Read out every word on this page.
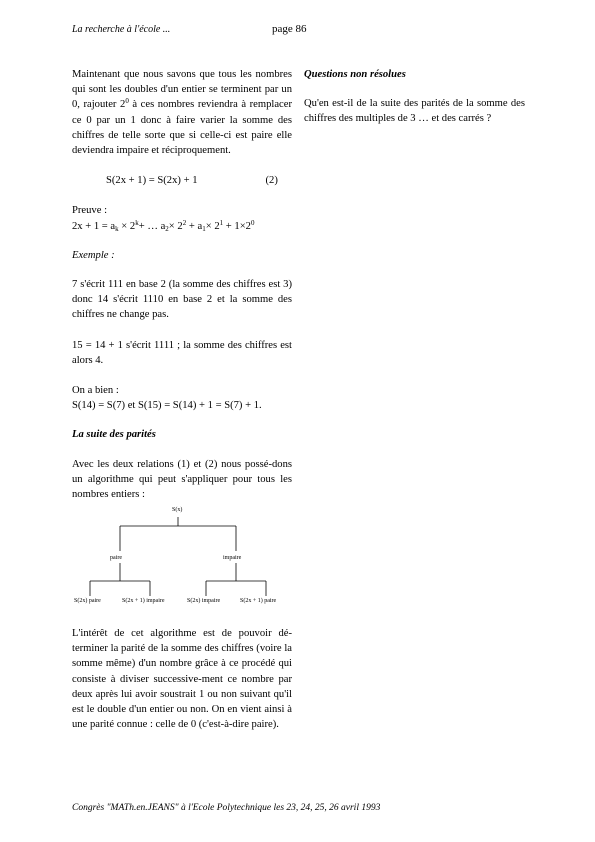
La recherche à l'école ...	page 86

Maintenant que nous savons que tous les nombres qui sont les doubles d'un entier se terminent par un 0, rajouter $2^0$ à ces nombres reviendra à remplacer ce 0 par un 1 donc à faire varier la somme des chiffres de telle sorte que si celle-ci est paire elle deviendra impaire et réciproquement.

S(2x + 1) = S(2x) + 1	(2)
Preuve :
$2x + 1 = a_k \times 2^k+$ … $a_2\times 2^2 + a_1\times 2^1 + 1\times 2^0$
Exemple :

7 s'écrit 111 en base 2 (la somme des chiffres est 3) donc 14 s'écrit 1110 en base 2 et la somme des chiffres ne change pas.

15 = 14 + 1 s'écrit 1111 ; la somme des chiffres est alors 4.

On a bien :
S(14) = S(7) et S(15) = S(14) + 1 = S(7) + 1.
La suite des parités

Avec les deux relations (1) et (2) nous possé-dons un algorithme qui peut s'appliquer pour tous les nombres entiers :

S(x)
paire	impaire
S(2x) paire	S(2x + 1) impaire	S(2x) impaire	S(2x + 1) paire

L'intérêt de cet algorithme est de pouvoir dé-terminer la parité de la somme des chiffres (voire la somme même) d'un nombre grâce à ce procédé qui consiste à diviser successive-ment ce nombre par deux après lui avoir soustrait 1 ou non suivant qu'il est le double d'un entier ou non. On en vient ainsi à une parité connue : celle de 0 (c'est-à-dire paire).

Questions non résolues

Qu'en est-il de la suite des parités de la somme des chiffres des multiples de 3 … et des carrés ?

Congrès "MATh.en.JEANS" à l'Ecole Polytechnique les 23, 24, 25, 26 avril 1993
